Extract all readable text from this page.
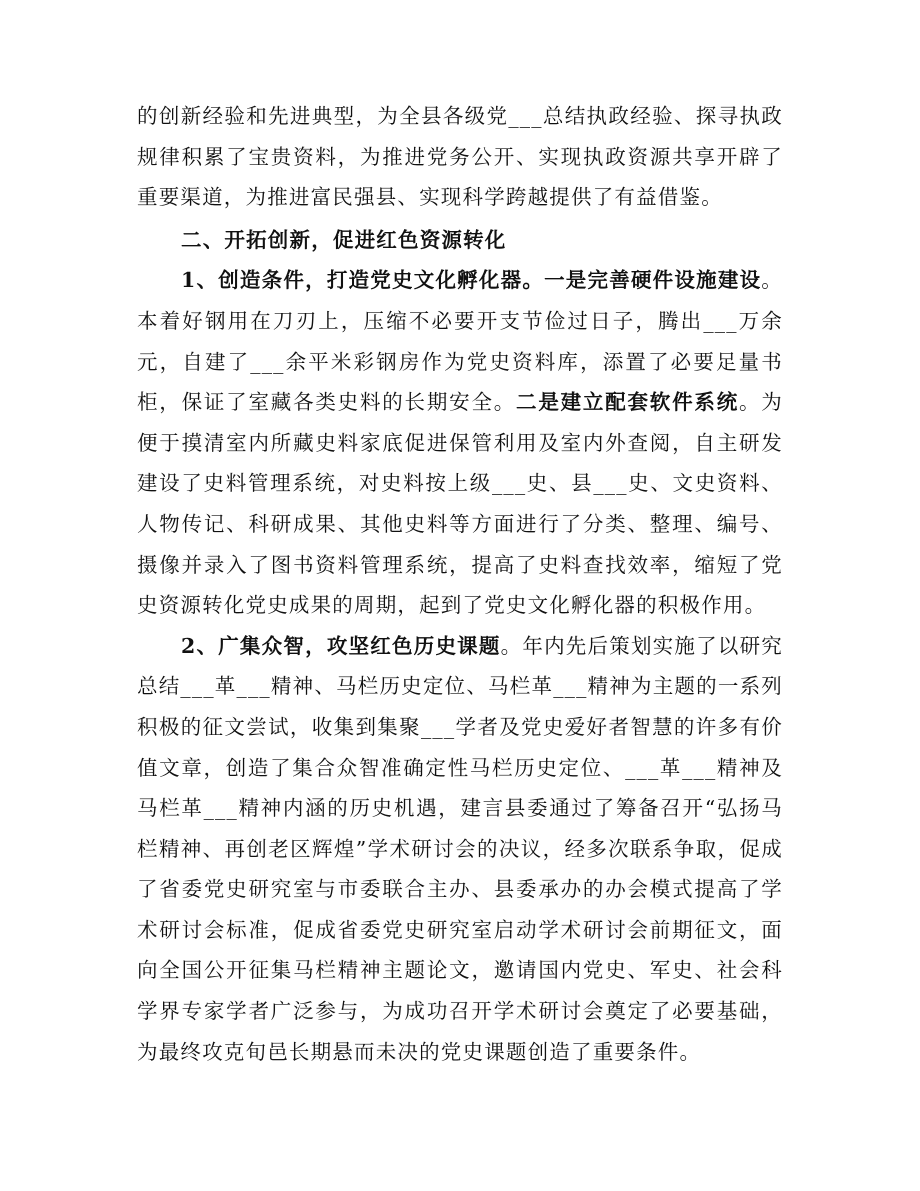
的创新经验和先进典型，为全县各级党___总结执政经验、探寻执政规律积累了宝贵资料，为推进党务公开、实现执政资源共享开辟了重要渠道，为推进富民强县、实现科学跨越提供了有益借鉴。

二、开拓创新，促进红色资源转化

1、创造条件，打造党史文化孵化器。一是完善硬件设施建设。本着好钢用在刀刃上，压缩不必要开支节俭过日子，腾出___万余元，自建了___余平米彩钢房作为党史资料库，添置了必要足量书柜，保证了室藏各类史料的长期安全。二是建立配套软件系统。为便于摸清室内所藏史料家底促进保管利用及室内外查阅，自主研发建设了史料管理系统，对史料按上级___史、县___史、文史资料、人物传记、科研成果、其他史料等方面进行了分类、整理、编号、摄像并录入了图书资料管理系统，提高了史料查找效率，缩短了党史资源转化党史成果的周期，起到了党史文化孵化器的积极作用。

2、广集众智，攻坚红色历史课题。年内先后策划实施了以研究总结___革___精神、马栏历史定位、马栏革___精神为主题的一系列积极的征文尝试，收集到集聚___学者及党史爱好者智慧的许多有价值文章，创造了集合众智准确定性马栏历史定位、___革___精神及马栏革___精神内涵的历史机遇，建言县委通过了筹备召开“弘扬马栏精神、再创老区辉煌”学术研讨会的决议，经多次联系争取，促成了省委党史研究室与市委联合主办、县委承办的办会模式提高了学术研讨会标准，促成省委党史研究室启动学术研讨会前期征文，面向全国公开征集马栏精神主题论文，邀请国内党史、军史、社会科学界专家学者广泛参与，为成功召开学术研讨会奠定了必要基础，为最终攻克旬邑长期悬而未决的党史课题创造了重要条件。
